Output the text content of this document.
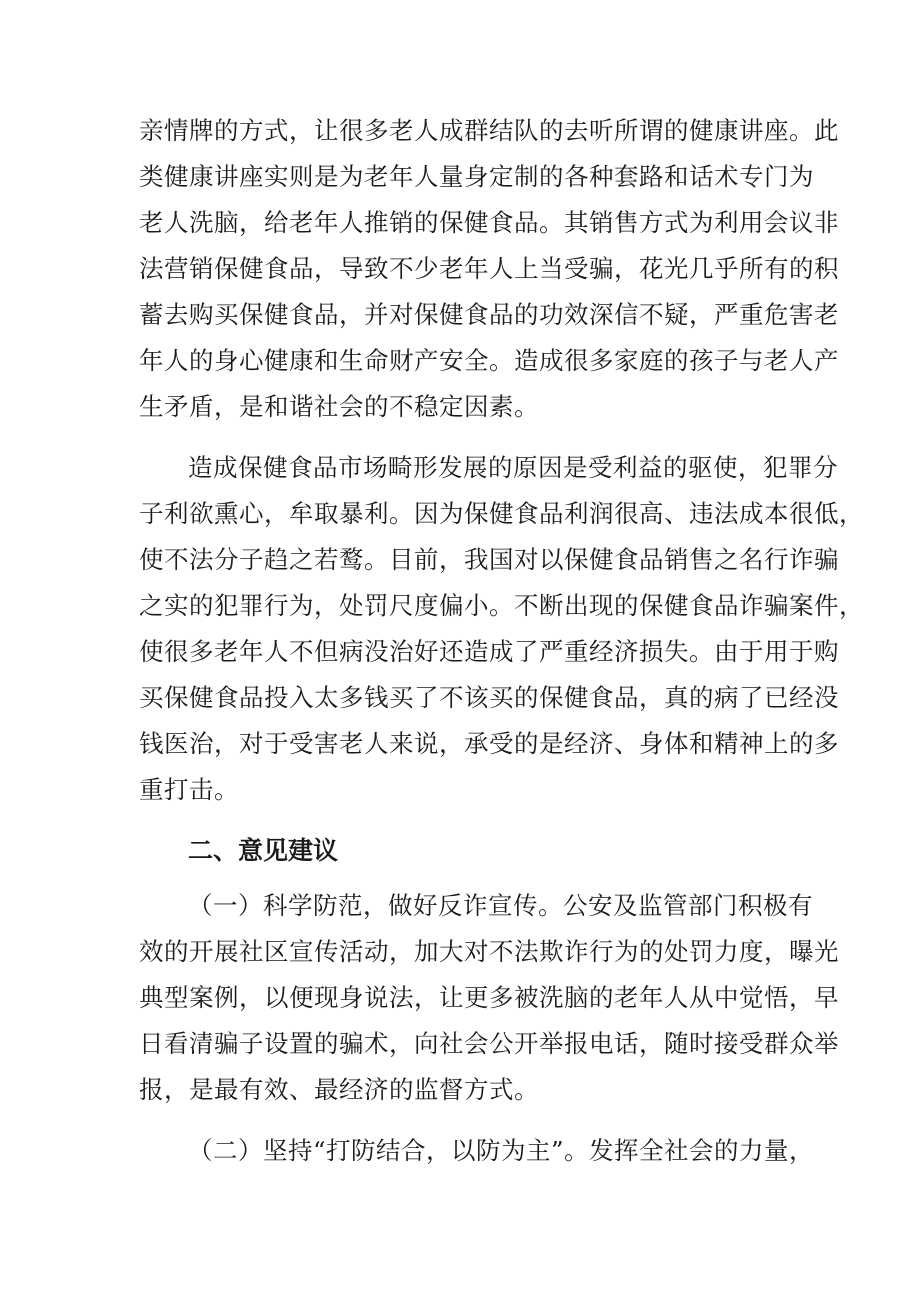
亲情牌的方式，让很多老人成群结队的去听所谓的健康讲座。此
类健康讲座实则是为老年人量身定制的各种套路和话术专门为
老人洗脑，给老年人推销的保健食品。其销售方式为利用会议非
法营销保健食品，导致不少老年人上当受骗，花光几乎所有的积
蓄去购买保健食品，并对保健食品的功效深信不疑，严重危害老
年人的身心健康和生命财产安全。造成很多家庭的孩子与老人产
生矛盾，是和谐社会的不稳定因素。
造成保健食品市场畸形发展的原因是受利益的驱使，犯罪分
子利欲熏心，牟取暴利。因为保健食品利润很高、违法成本很低，
使不法分子趋之若鹜。目前，我国对以保健食品销售之名行诈骗
之实的犯罪行为，处罚尺度偏小。不断出现的保健食品诈骗案件，
使很多老年人不但病没治好还造成了严重经济损失。由于用于购
买保健食品投入太多钱买了不该买的保健食品，真的病了已经没
钱医治，对于受害老人来说，承受的是经济、身体和精神上的多
重打击。
二、意见建议
（一）科学防范，做好反诈宣传。公安及监管部门积极有
效的开展社区宣传活动，加大对不法欺诈行为的处罚力度，曝光
典型案例，以便现身说法，让更多被洗脑的老年人从中觉悟，早
日看清骗子设置的骗术，向社会公开举报电话，随时接受群众举
报，是最有效、最经济的监督方式。
（二）坚持“打防结合，以防为主”。发挥全社会的力量，
